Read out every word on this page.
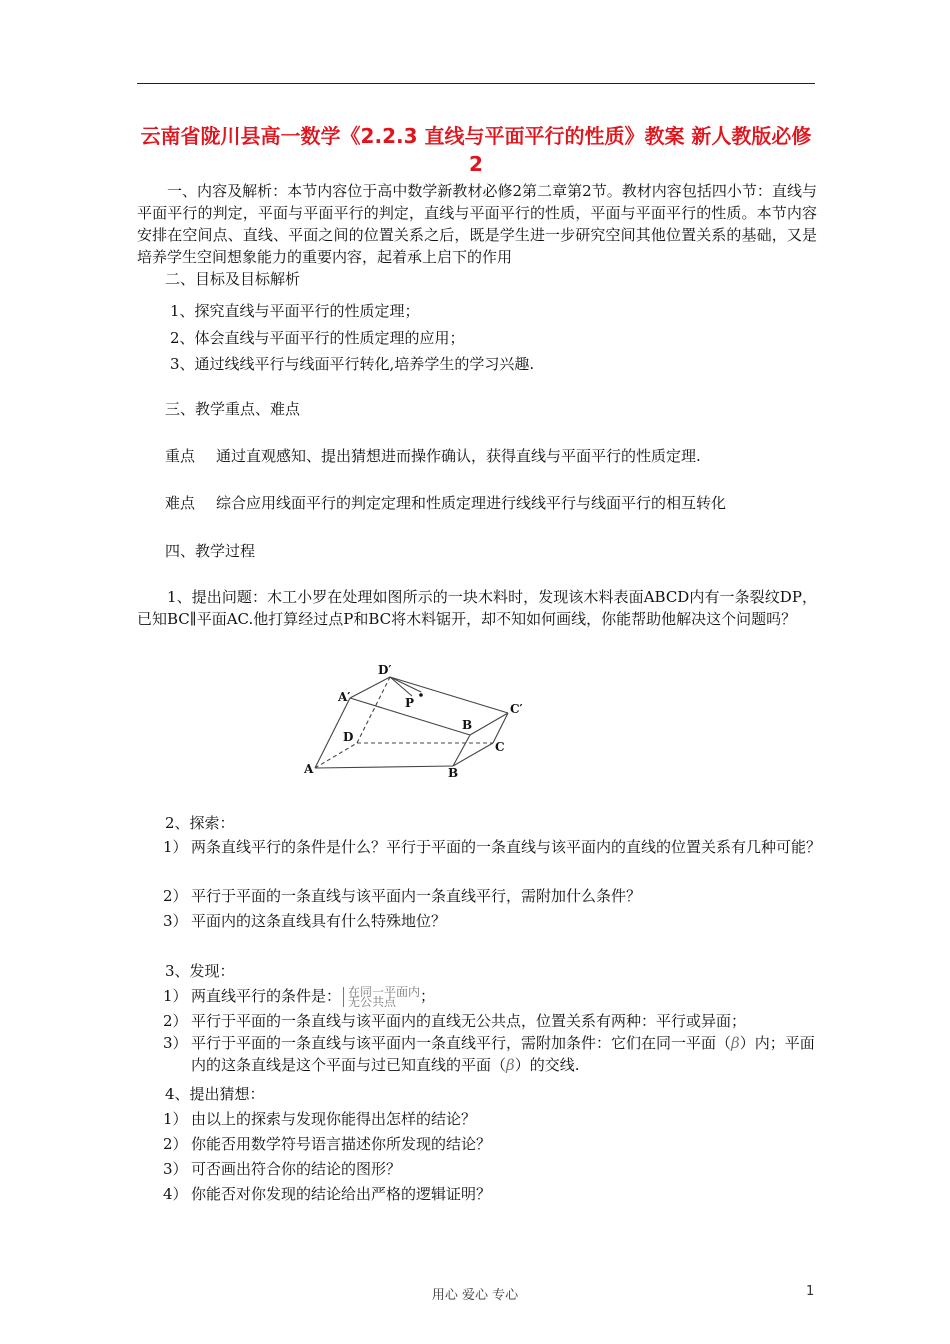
云南省陇川县高一数学《2.2.3 直线与平面平行的性质》教案 新人教版必修2
一、内容及解析：本节内容位于高中数学新教材必修2第二章第2节。教材内容包括四小节：直线与平面平行的判定，平面与平面平行的判定，直线与平面平行的性质，平面与平面平行的性质。本节内容安排在空间点、直线、平面之间的位置关系之后，既是学生进一步研究空间其他位置关系的基础，又是培养学生空间想象能力的重要内容，起着承上启下的作用
二、目标及目标解析
1、探究直线与平面平行的性质定理；
2、体会直线与平面平行的性质定理的应用；
3、通过线线平行与线面平行转化,培养学生的学习兴趣.
三、教学重点、难点
重点 通过直观感知、提出猜想进而操作确认，获得直线与平面平行的性质定理.
难点 综合应用线面平行的判定定理和性质定理进行线线平行与线面平行的相互转化
四、教学过程
1、提出问题：木工小罗在处理如图所示的一块木料时，发现该木料表面ABCD内有一条裂纹DP，已知BC∥平面AC.他打算经过点P和BC将木料锯开，却不知如何画线，你能帮助他解决这个问题吗？
D′
A′	P
B
C′
D
C
A	B
2、探索：
1） 两条直线平行的条件是什么？平行于平面的一条直线与该平面内的直线的位置关系有几种可能？
2） 平行于平面的一条直线与该平面内一条直线平行，需附加什么条件？
3） 平面内的这条直线具有什么特殊地位？
3、发现：
1） 两直线平行的条件是： 在同一平面内
无公共点 ；
2） 平行于平面的一条直线与该平面内的直线无公共点，位置关系有两种：平行或异面；
3） 平行于平面的一条直线与该平面内一条直线平行，需附加条件：它们在同一平面（β）内；平面内的这条直线是这个平面与过已知直线的平面（β）的交线.
4、提出猜想：
1） 由以上的探索与发现你能得出怎样的结论？
2） 你能否用数学符号语言描述你所发现的结论？
3） 可否画出符合你的结论的图形？
4） 你能否对你发现的结论给出严格的逻辑证明？
用心 爱心 专心	1
